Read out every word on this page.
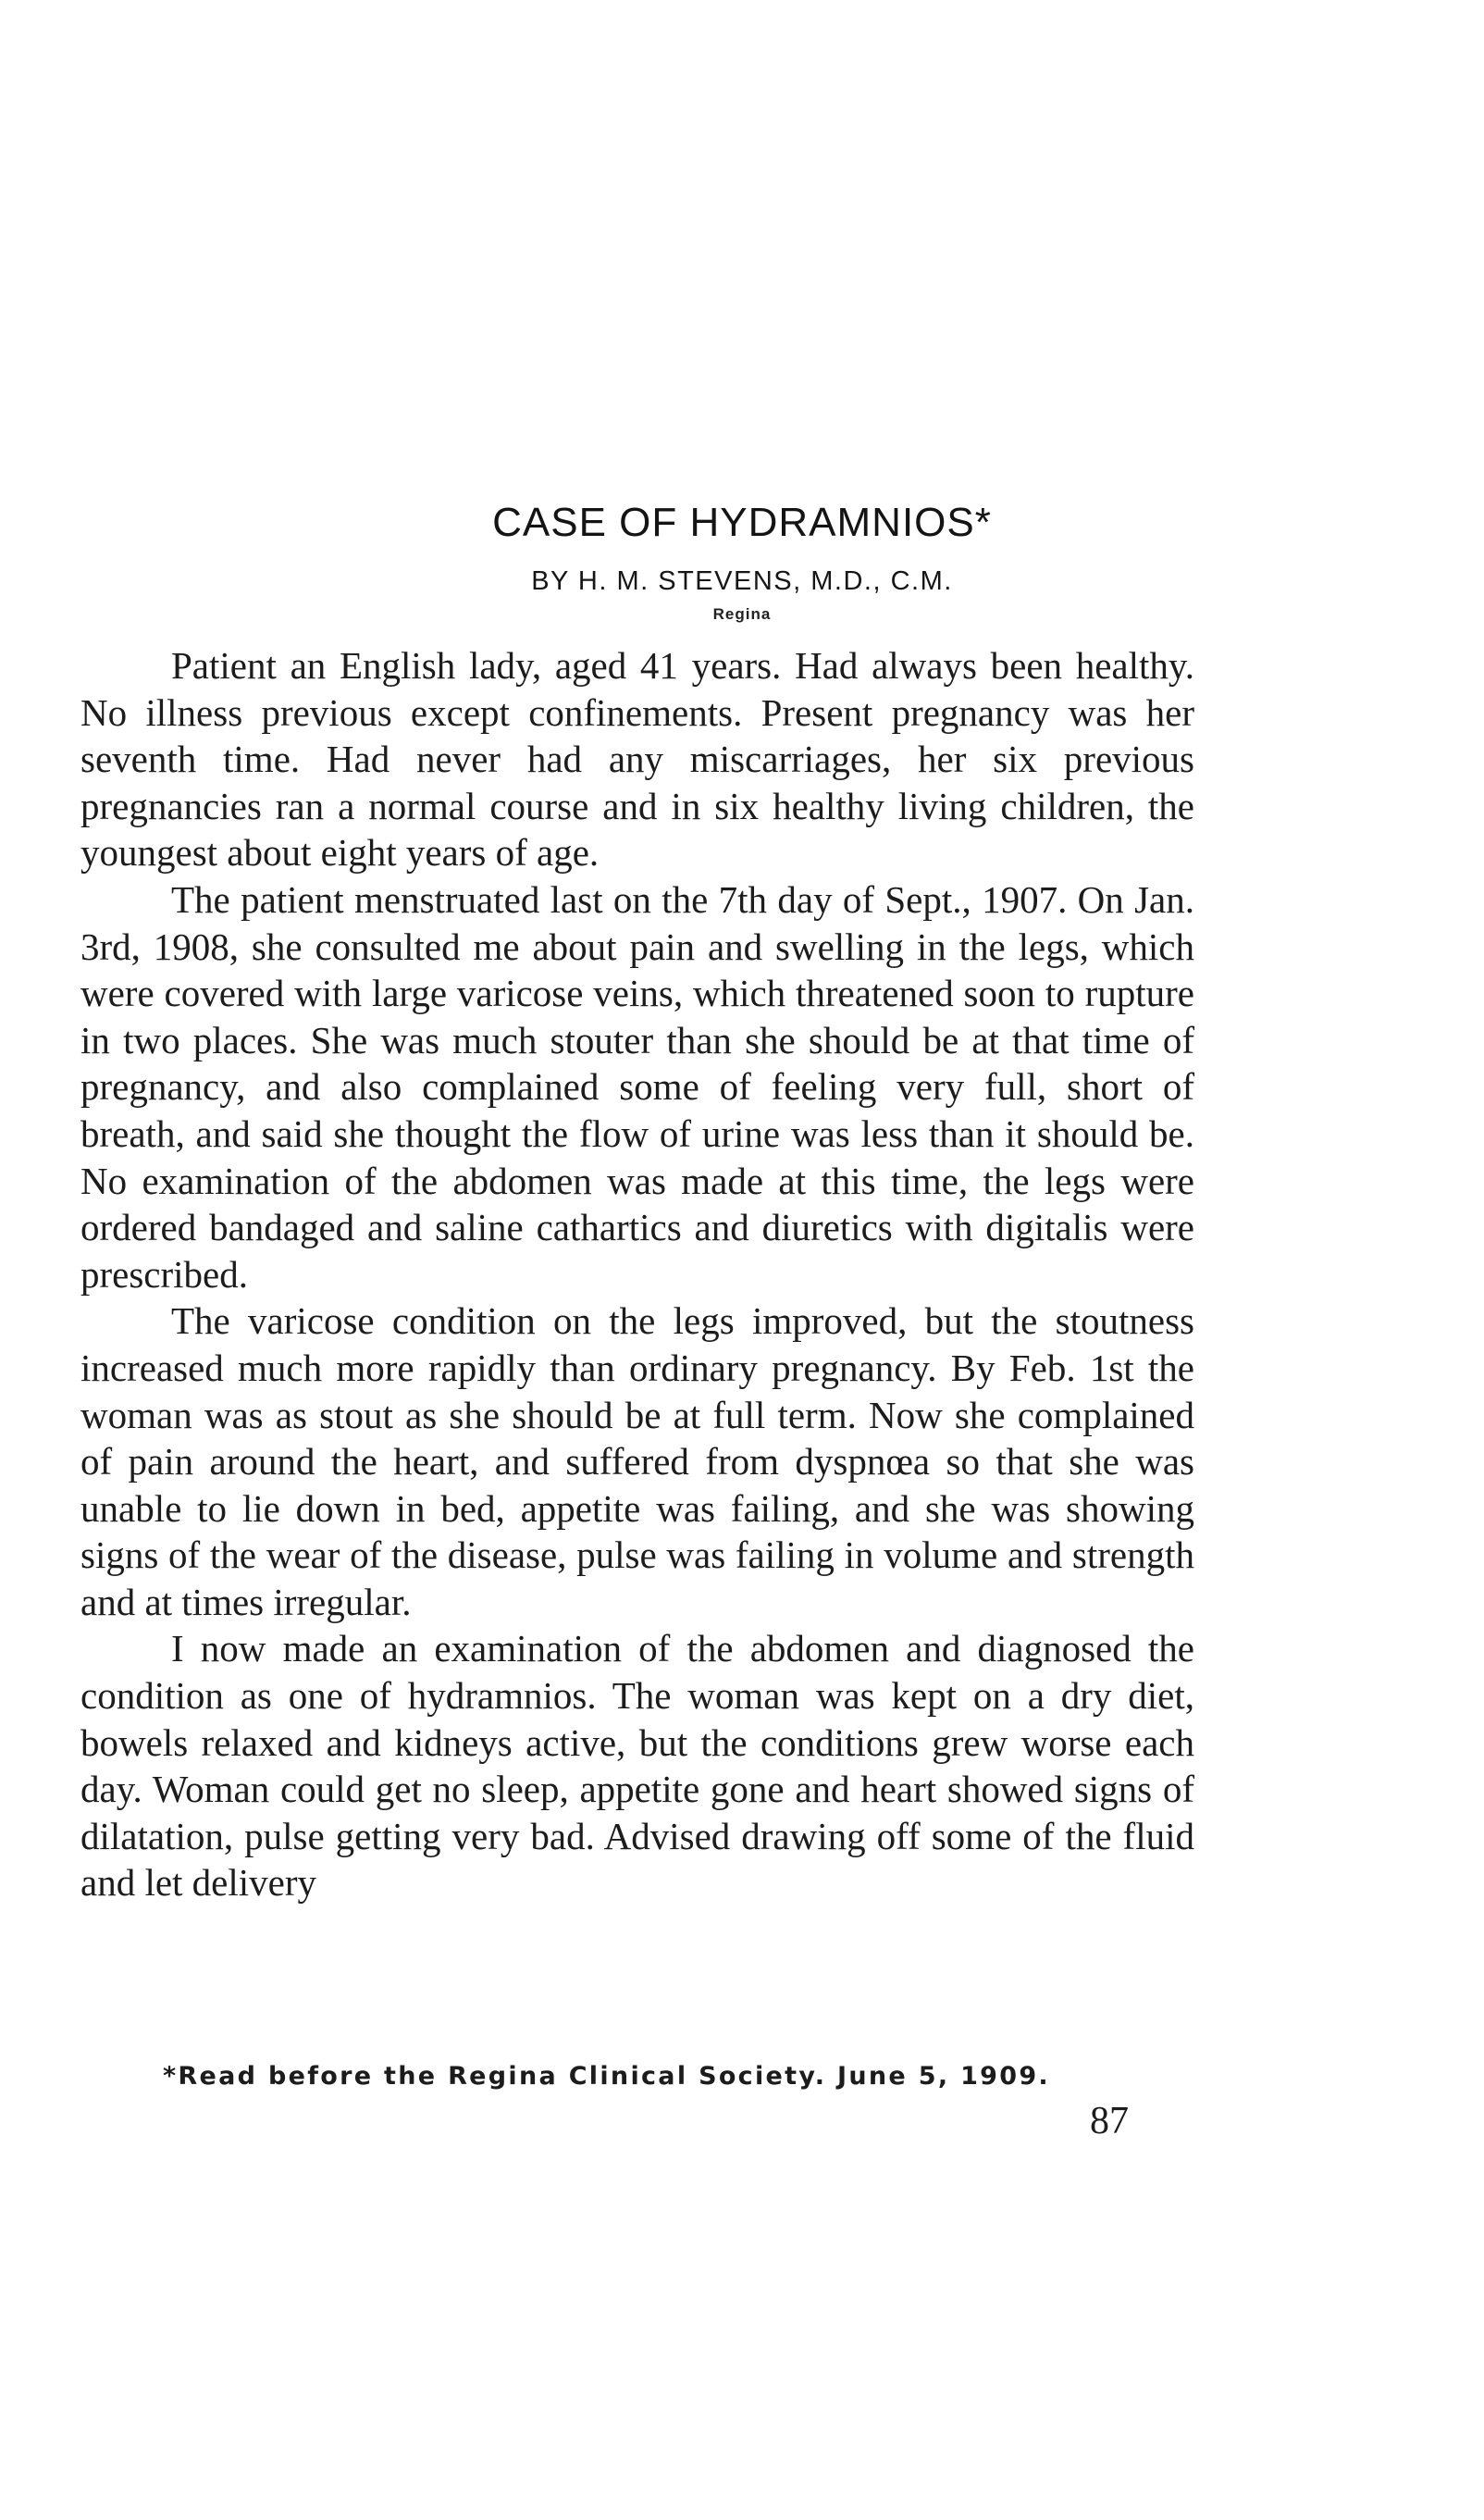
CASE OF HYDRAMNIOS*
BY H. M. STEVENS, M.D., C.M.
Regina

Patient an English lady, aged 41 years. Had always been healthy. No illness previous except confinements. Present pregnancy was her seventh time. Had never had any miscarriages, her six previous pregnancies ran a normal course and in six healthy living children, the youngest about eight years of age.

The patient menstruated last on the 7th day of Sept., 1907. On Jan. 3rd, 1908, she consulted me about pain and swelling in the legs, which were covered with large varicose veins, which threatened soon to rupture in two places. She was much stouter than she should be at that time of pregnancy, and also complained some of feeling very full, short of breath, and said she thought the flow of urine was less than it should be. No examination of the abdomen was made at this time, the legs were ordered bandaged and saline cathartics and diuretics with digitalis were prescribed.

The varicose condition on the legs improved, but the stoutness increased much more rapidly than ordinary pregnancy. By Feb. 1st the woman was as stout as she should be at full term. Now she complained of pain around the heart, and suffered from dyspnœa so that she was unable to lie down in bed, appetite was failing, and she was showing signs of the wear of the disease, pulse was failing in volume and strength and at times irregular.

I now made an examination of the abdomen and diagnosed the condition as one of hydramnios. The woman was kept on a dry diet, bowels relaxed and kidneys active, but the conditions grew worse each day. Woman could get no sleep, appetite gone and heart showed signs of dilatation, pulse getting very bad. Advised drawing off some of the fluid and let delivery

*Read before the Regina Clinical Society. June 5, 1909.
87
